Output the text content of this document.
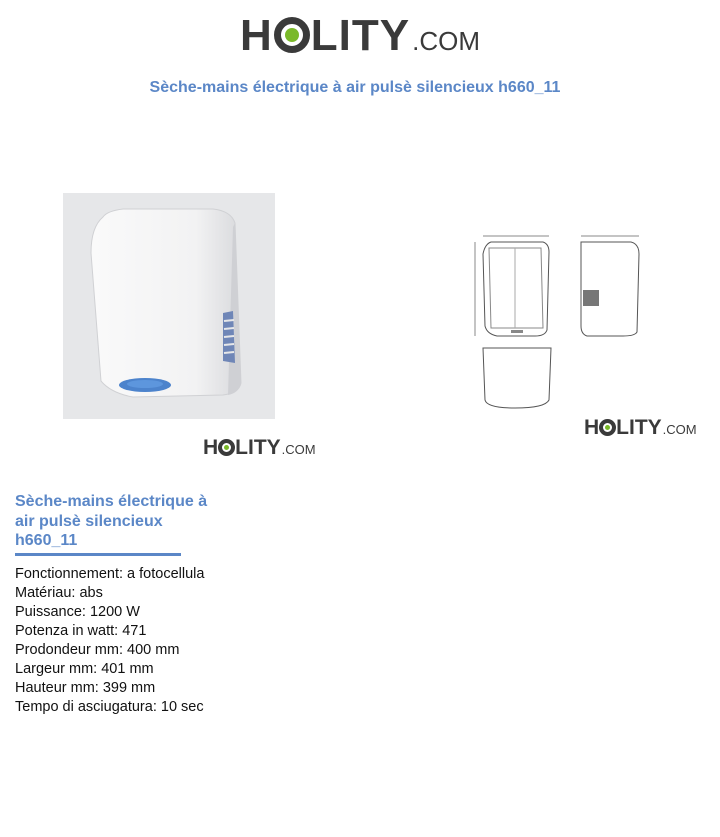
H LITY .COM
Sèche-mains électrique à air pulsè silencieux h660_11
H LITY .COM
H LITY .COM
Sèche-mains électrique à air pulsè silencieux h660_11
Fonctionnement: a fotocellula
Matériau: abs
Puissance: 1200 W
Potenza in watt: 471
Prodondeur mm: 400 mm
Largeur mm: 401 mm
Hauteur mm: 399 mm
Tempo di asciugatura: 10 sec
